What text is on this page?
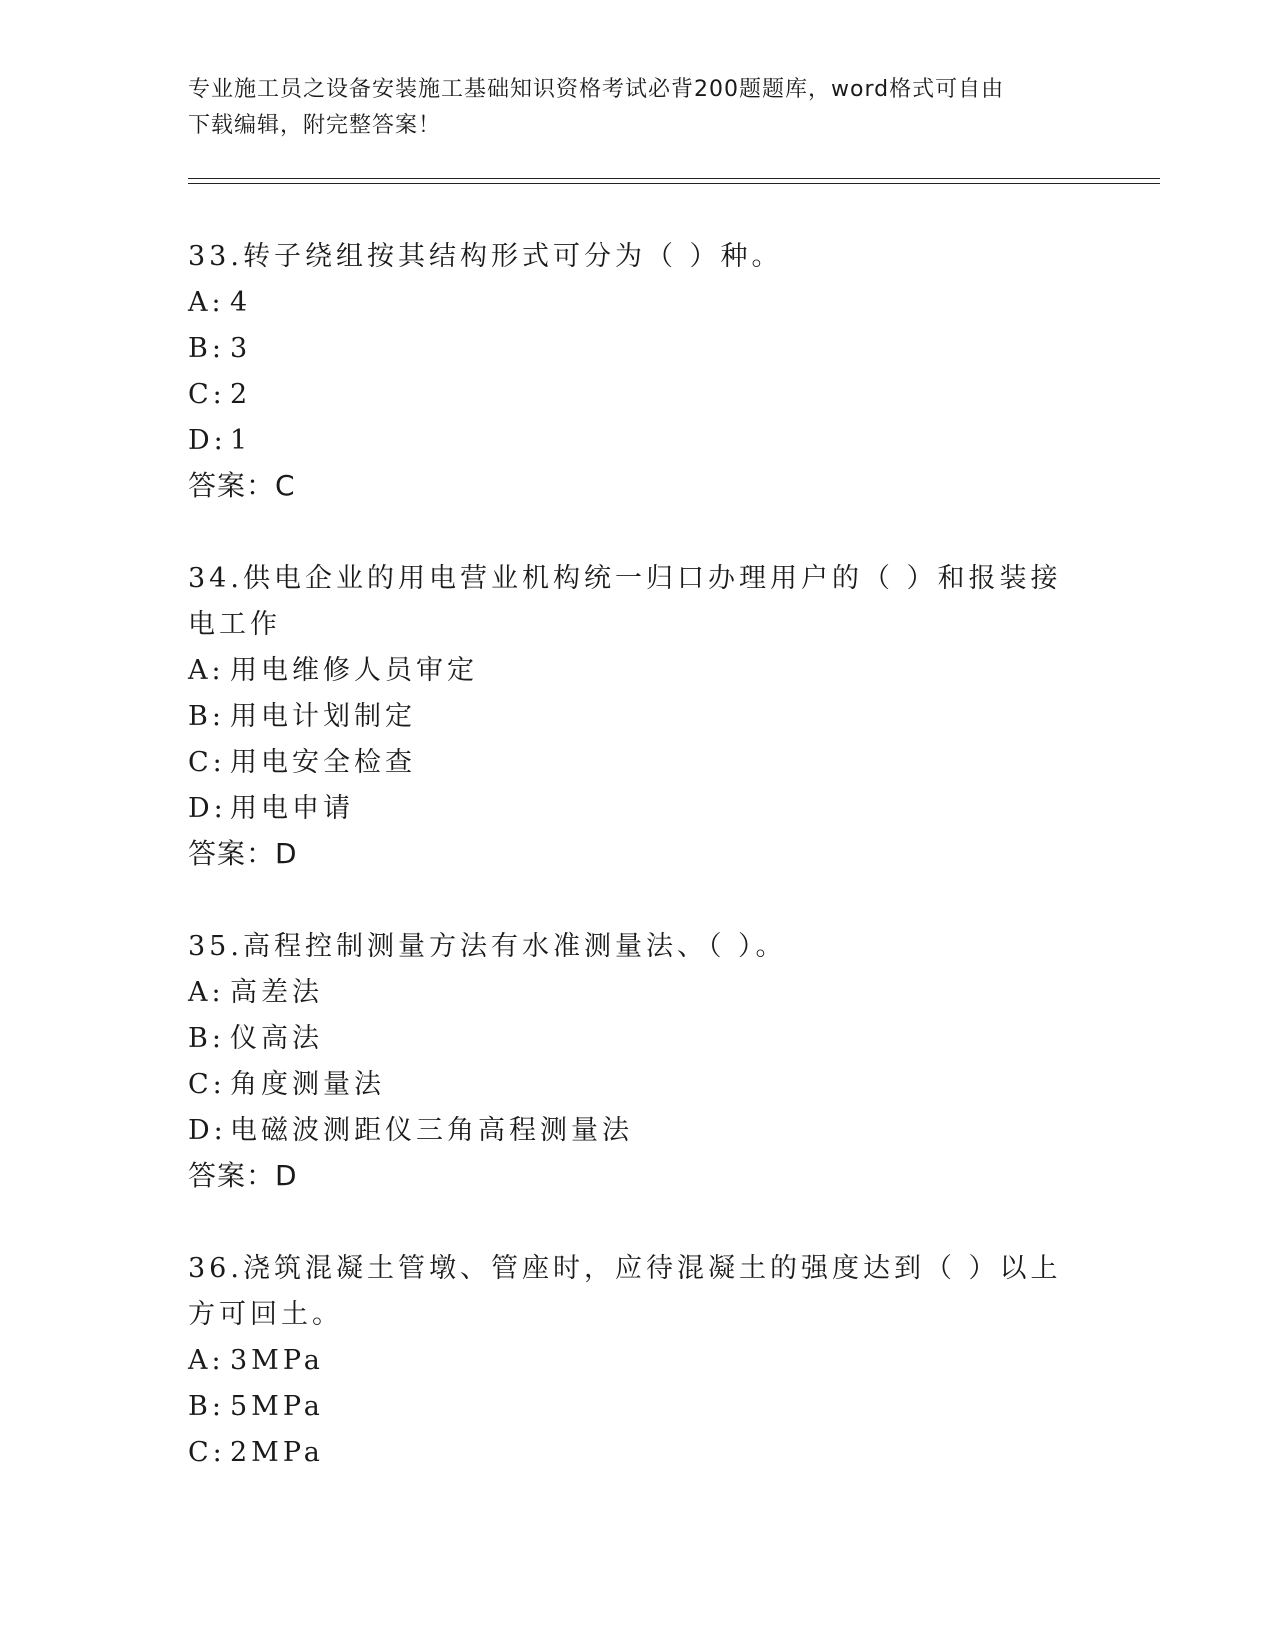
专业施工员之设备安装施工基础知识资格考试必背200题题库，word格式可自由
下载编辑，附完整答案！

33.转子绕组按其结构形式可分为（ ）种。

A: 4

B: 3

C: 2

D: 1

答案：C

34.供电企业的用电营业机构统一归口办理用户的（ ）和报装接电工作

A: 用电维修人员审定

B: 用电计划制定

C: 用电安全检查

D: 用电申请

答案：D

35.高程控制测量方法有水准测量法、（ ）。

A: 高差法

B: 仪高法

C: 角度测量法

D: 电磁波测距仪三角高程测量法

答案：D

36.浇筑混凝土管墩、管座时，应待混凝土的强度达到（ ）以上方可回土。

A: 3MPa

B: 5MPa

C: 2MPa
